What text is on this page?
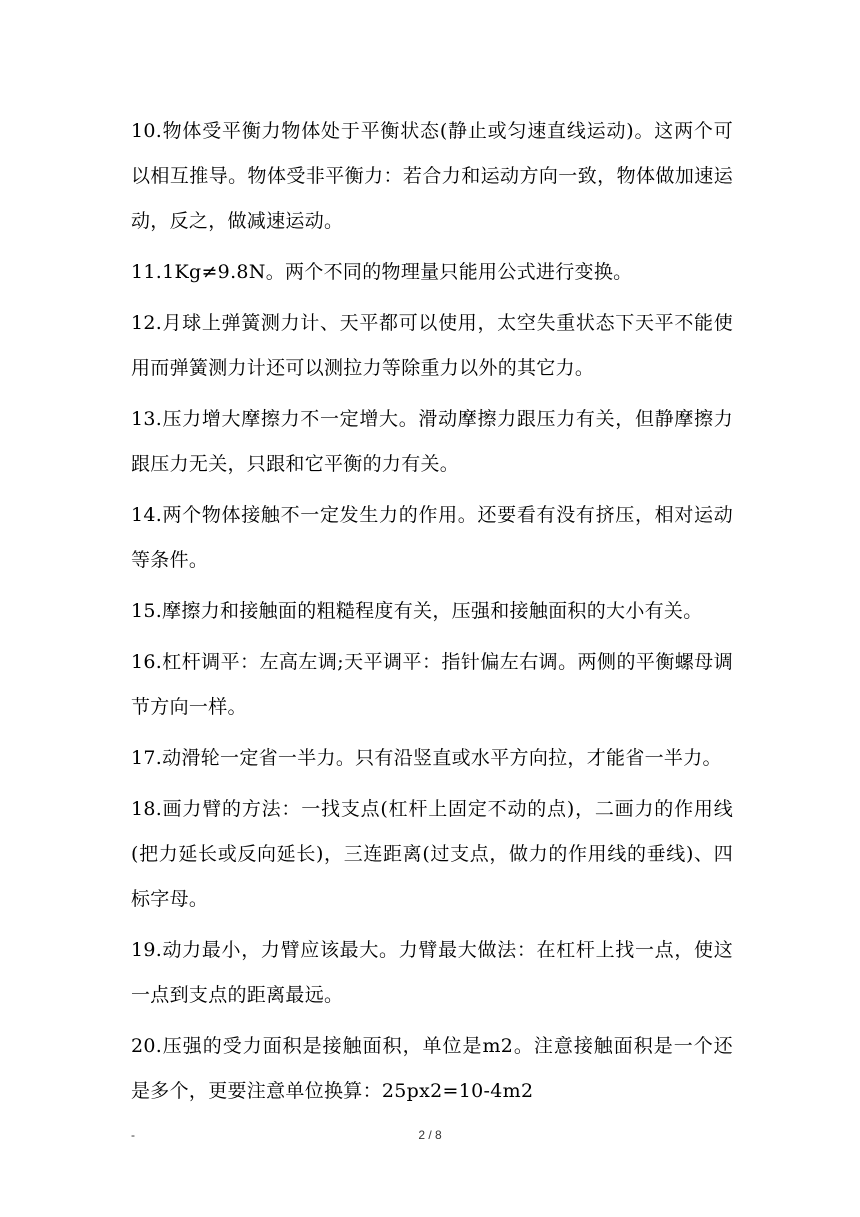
10.物体受平衡力物体处于平衡状态(静止或匀速直线运动)。这两个可以相互推导。物体受非平衡力：若合力和运动方向一致，物体做加速运动，反之，做减速运动。

11.1Kg≠9.8N。两个不同的物理量只能用公式进行变换。

12.月球上弹簧测力计、天平都可以使用，太空失重状态下天平不能使用而弹簧测力计还可以测拉力等除重力以外的其它力。

13.压力增大摩擦力不一定增大。滑动摩擦力跟压力有关，但静摩擦力跟压力无关，只跟和它平衡的力有关。

14.两个物体接触不一定发生力的作用。还要看有没有挤压，相对运动等条件。

15.摩擦力和接触面的粗糙程度有关，压强和接触面积的大小有关。

16.杠杆调平：左高左调;天平调平：指针偏左右调。两侧的平衡螺母调节方向一样。

17.动滑轮一定省一半力。只有沿竖直或水平方向拉，才能省一半力。

18.画力臂的方法：一找支点(杠杆上固定不动的点)，二画力的作用线(把力延长或反向延长)，三连距离(过支点，做力的作用线的垂线)、四标字母。

19.动力最小，力臂应该最大。力臂最大做法：在杠杆上找一点，使这一点到支点的距离最远。

20.压强的受力面积是接触面积，单位是m2。注意接触面积是一个还是多个，更要注意单位换算：25px2=10-4m2

-	2 / 8
